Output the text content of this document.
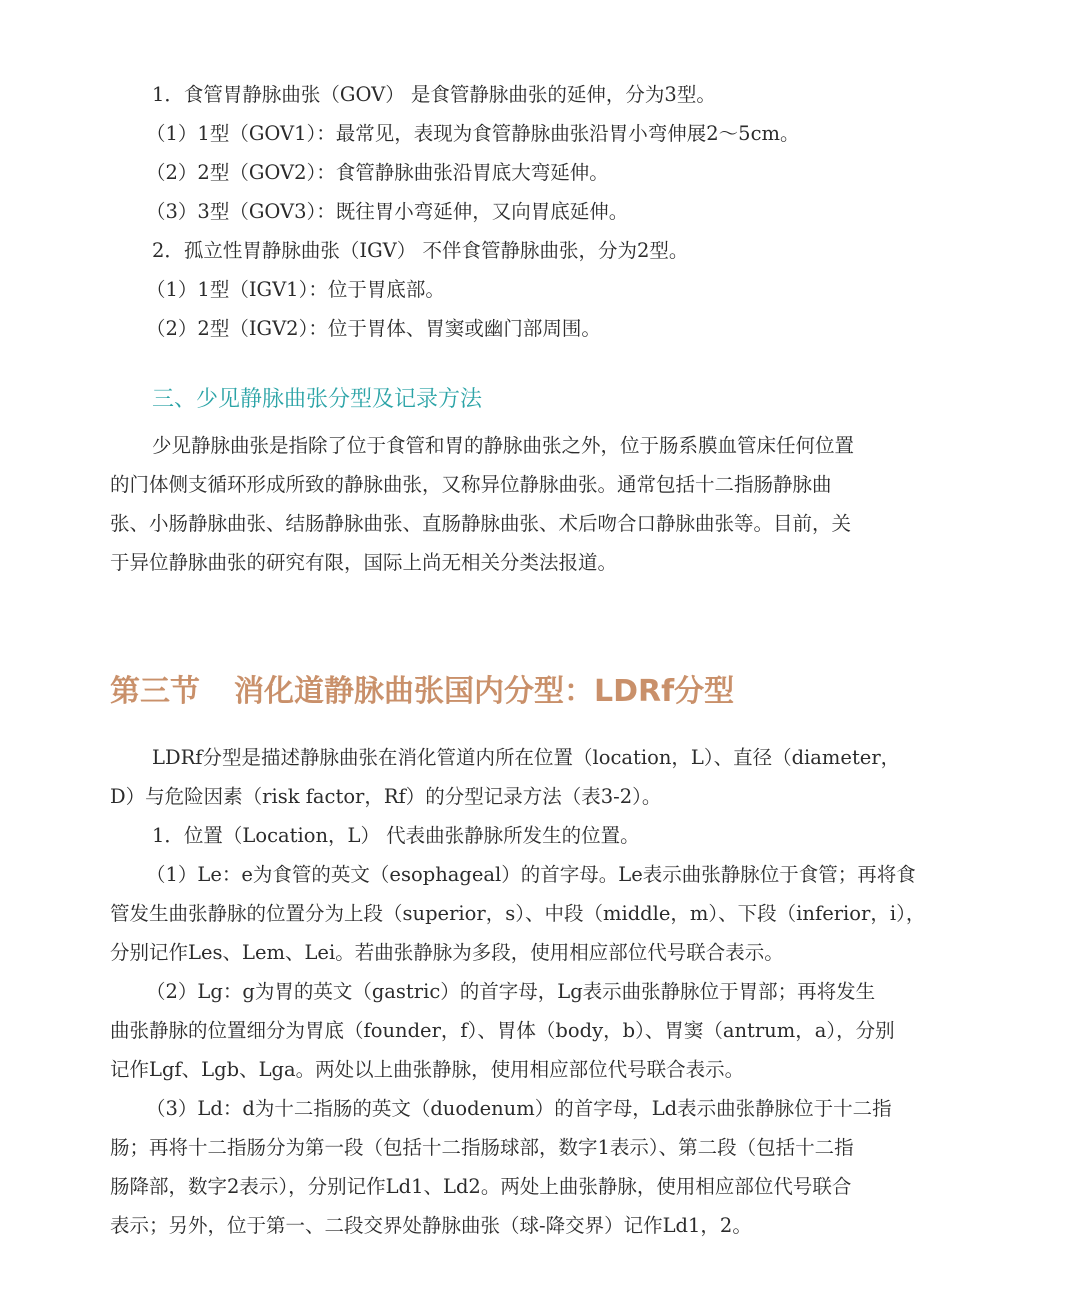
1．食管胃静脉曲张（GOV） 是食管静脉曲张的延伸，分为3型。
（1）1型（GOV1）：最常见，表现为食管静脉曲张沿胃小弯伸展2～5cm。
（2）2型（GOV2）：食管静脉曲张沿胃底大弯延伸。
（3）3型（GOV3）：既往胃小弯延伸，又向胃底延伸。
2．孤立性胃静脉曲张（IGV） 不伴食管静脉曲张，分为2型。
（1）1型（IGV1）：位于胃底部。
（2）2型（IGV2）：位于胃体、胃窦或幽门部周围。
三、少见静脉曲张分型及记录方法
少见静脉曲张是指除了位于食管和胃的静脉曲张之外，位于肠系膜血管床任何位置
的门体侧支循环形成所致的静脉曲张，又称异位静脉曲张。通常包括十二指肠静脉曲
张、小肠静脉曲张、结肠静脉曲张、直肠静脉曲张、术后吻合口静脉曲张等。目前，关
于异位静脉曲张的研究有限，国际上尚无相关分类法报道。
第三节 消化道静脉曲张国内分型：LDRf分型
LDRf分型是描述静脉曲张在消化管道内所在位置（location，L）、直径（diameter，
D）与危险因素（risk factor，Rf）的分型记录方法（表3-2）。
1．位置（Location，L） 代表曲张静脉所发生的位置。
（1）Le：e为食管的英文（esophageal）的首字母。Le表示曲张静脉位于食管；再将食
管发生曲张静脉的位置分为上段（superior，s）、中段（middle，m）、下段（inferior，i），
分别记作Les、Lem、Lei。若曲张静脉为多段，使用相应部位代号联合表示。
（2）Lg：g为胃的英文（gastric）的首字母，Lg表示曲张静脉位于胃部；再将发生
曲张静脉的位置细分为胃底（founder，f）、胃体（body，b）、胃窦（antrum，a），分别
记作Lgf、Lgb、Lga。两处以上曲张静脉，使用相应部位代号联合表示。
（3）Ld：d为十二指肠的英文（duodenum）的首字母，Ld表示曲张静脉位于十二指
肠；再将十二指肠分为第一段（包括十二指肠球部，数字1表示）、第二段（包括十二指
肠降部，数字2表示），分别记作Ld1、Ld2。两处上曲张静脉，使用相应部位代号联合
表示；另外，位于第一、二段交界处静脉曲张（球-降交界）记作Ld1，2。
